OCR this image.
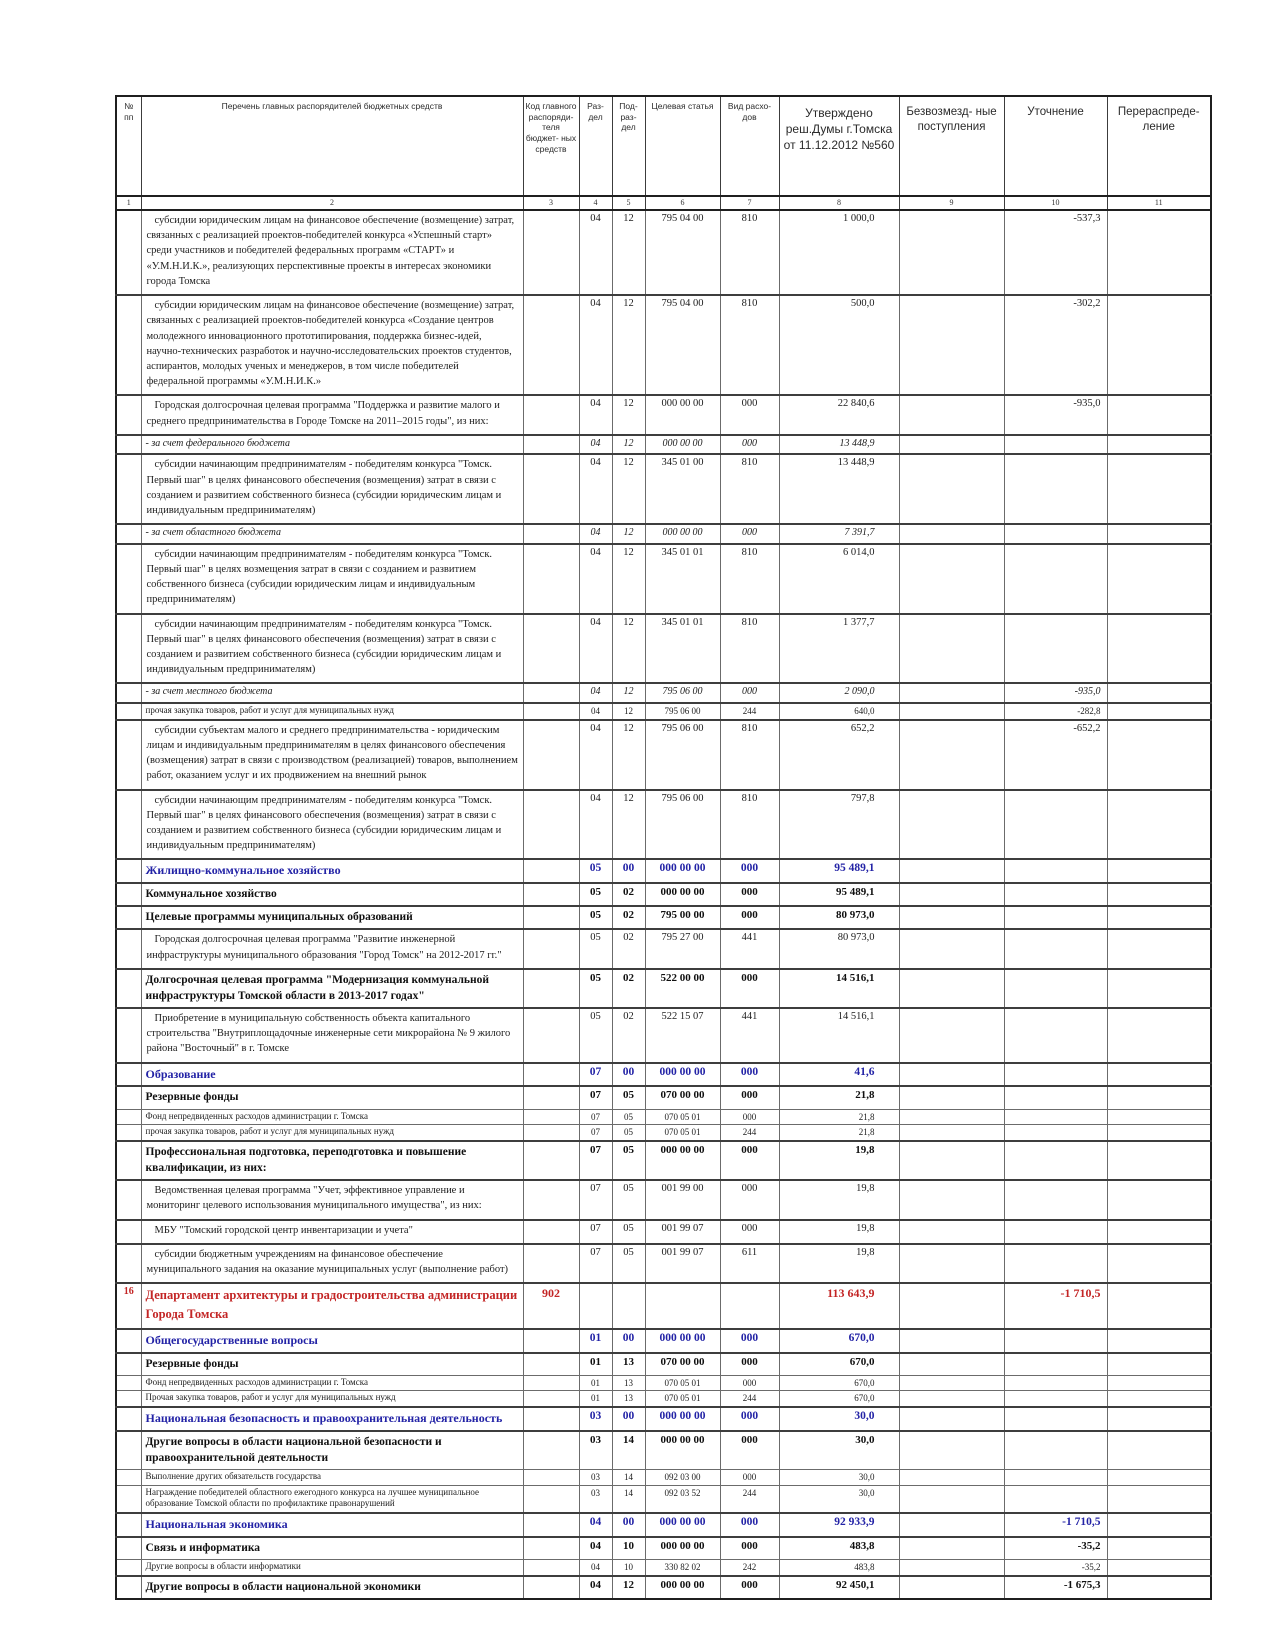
№ пп	Перечень главных распорядителей бюджетных средств	Код главного распоряди- теля бюджет- ных средств	Раз- дел	Под- раз- дел	Целевая статья	Вид расхо- дов	Утверждено реш.Думы г.Томска от 11.12.2012 №560	Безвозмезд- ные поступления	Уточнение	Перераспреде- ление
1	2	3	4	5	6	7	8	9	10	11
	субсидии юридическим лицам на финансовое обеспечение (возмещение) затрат, связанных с реализацией проектов-победителей конкурса «Успешный старт» среди участников и победителей федеральных программ «СТАРТ» и «У.М.Н.И.К.», реализующих перспективные проекты в интересах экономики города Томска		04	12	795 04 00	810	1 000,0		-537,3	
	субсидии юридическим лицам на финансовое обеспечение (возмещение) затрат, связанных с реализацией проектов-победителей конкурса «Создание центров молодежного инновационного прототипирования, поддержка бизнес-идей, научно-технических разработок и научно-исследовательских проектов студентов, аспирантов, молодых ученых и менеджеров, в том числе победителей федеральной программы «У.М.Н.И.К.»		04	12	795 04 00	810	500,0		-302,2	
	Городская долгосрочная целевая программа "Поддержка и развитие малого и среднего предпринимательства в Городе Томске на 2011–2015 годы", из них:		04	12	000 00 00	000	22 840,6		-935,0	
	- за счет федерального бюджета		04	12	000 00 00	000	13 448,9			
	субсидии начинающим предпринимателям - победителям конкурса "Томск. Первый шаг" в целях финансового обеспечения (возмещения) затрат в связи с созданием и развитием собственного бизнеса (субсидии юридическим лицам и индивидуальным предпринимателям)		04	12	345 01 00	810	13 448,9			
	- за счет областного бюджета		04	12	000 00 00	000	7 391,7			
	субсидии начинающим предпринимателям - победителям конкурса "Томск. Первый шаг" в целях возмещения затрат в связи с созданием и развитием собственного бизнеса (субсидии юридическим лицам и индивидуальным предпринимателям)		04	12	345 01 01	810	6 014,0			
	субсидии начинающим предпринимателям - победителям конкурса "Томск. Первый шаг" в целях финансового обеспечения (возмещения) затрат в связи с созданием и развитием собственного бизнеса (субсидии юридическим лицам и индивидуальным предпринимателям)		04	12	345 01 01	810	1 377,7			
	- за счет местного бюджета		04	12	795 06 00	000	2 090,0		-935,0	
	прочая закупка товаров, работ и услуг для муниципальных нужд		04	12	795 06 00	244	640,0		-282,8	
	субсидии субъектам малого и среднего предпринимательства - юридическим лицам и индивидуальным предпринимателям в целях финансового обеспечения (возмещения) затрат в связи с производством (реализацией) товаров, выполнением работ, оказанием услуг и их продвижением на внешний рынок		04	12	795 06 00	810	652,2		-652,2	
	субсидии начинающим предпринимателям - победителям конкурса "Томск. Первый шаг" в целях финансового обеспечения (возмещения) затрат в связи с созданием и развитием собственного бизнеса (субсидии юридическим лицам и индивидуальным предпринимателям)		04	12	795 06 00	810	797,8			
	Жилищно-коммунальное хозяйство		05	00	000 00 00	000	95 489,1			
	Коммунальное хозяйство		05	02	000 00 00	000	95 489,1			
	Целевые программы муниципальных образований		05	02	795 00 00	000	80 973,0			
	Городская долгосрочная целевая программа "Развитие инженерной инфраструктуры муниципального образования "Город Томск" на 2012-2017 гг."		05	02	795 27 00	441	80 973,0			
	Долгосрочная целевая программа "Модернизация коммунальной инфраструктуры Томской области в 2013-2017 годах"		05	02	522 00 00	000	14 516,1			
	Приобретение в муниципальную собственность объекта капитального строительства "Внутриплощадочные инженерные сети микрорайона № 9 жилого района "Восточный" в г. Томске		05	02	522 15 07	441	14 516,1			
	Образование		07	00	000 00 00	000	41,6			
	Резервные фонды		07	05	070 00 00	000	21,8			
	Фонд непредвиденных расходов администрации г. Томска		07	05	070 05 01	000	21,8			
	прочая закупка товаров, работ и услуг для муниципальных нужд		07	05	070 05 01	244	21,8			
	Профессиональная подготовка, переподготовка и повышение квалификации, из них:		07	05	000 00 00	000	19,8			
	Ведомственная целевая программа "Учет, эффективное управление и мониторинг целевого использования муниципального имущества", из них:		07	05	001 99 00	000	19,8			
	МБУ "Томский городской центр инвентаризации и учета"		07	05	001 99 07	000	19,8			
	субсидии бюджетным учреждениям на финансовое обеспечение муниципального задания на оказание муниципальных услуг (выполнение работ)		07	05	001 99 07	611	19,8			
16	Департамент архитектуры и градостроительства администрации Города Томска	902					113 643,9		-1 710,5	
	Общегосударственные вопросы		01	00	000 00 00	000	670,0			
	Резервные фонды		01	13	070 00 00	000	670,0			
	Фонд непредвиденных расходов администрации г. Томска		01	13	070 05 01	000	670,0			
	Прочая закупка товаров, работ и услуг для муниципальных нужд		01	13	070 05 01	244	670,0			
	Национальная безопасность и правоохранительная деятельность		03	00	000 00 00	000	30,0			
	Другие вопросы в области национальной безопасности и правоохранительной деятельности		03	14	000 00 00	000	30,0			
	Выполнение других обязательств государства		03	14	092 03 00	000	30,0			
	Награждение победителей областного ежегодного конкурса на лучшее муниципальное образование Томской области по профилактике правонарушений		03	14	092 03 52	244	30,0			
	Национальная экономика		04	00	000 00 00	000	92 933,9		-1 710,5	
	Связь и информатика		04	10	000 00 00	000	483,8		-35,2	
	Другие вопросы в области информатики		04	10	330 82 02	242	483,8		-35,2	
	Другие вопросы в области национальной экономики		04	12	000 00 00	000	92 450,1		-1 675,3	
